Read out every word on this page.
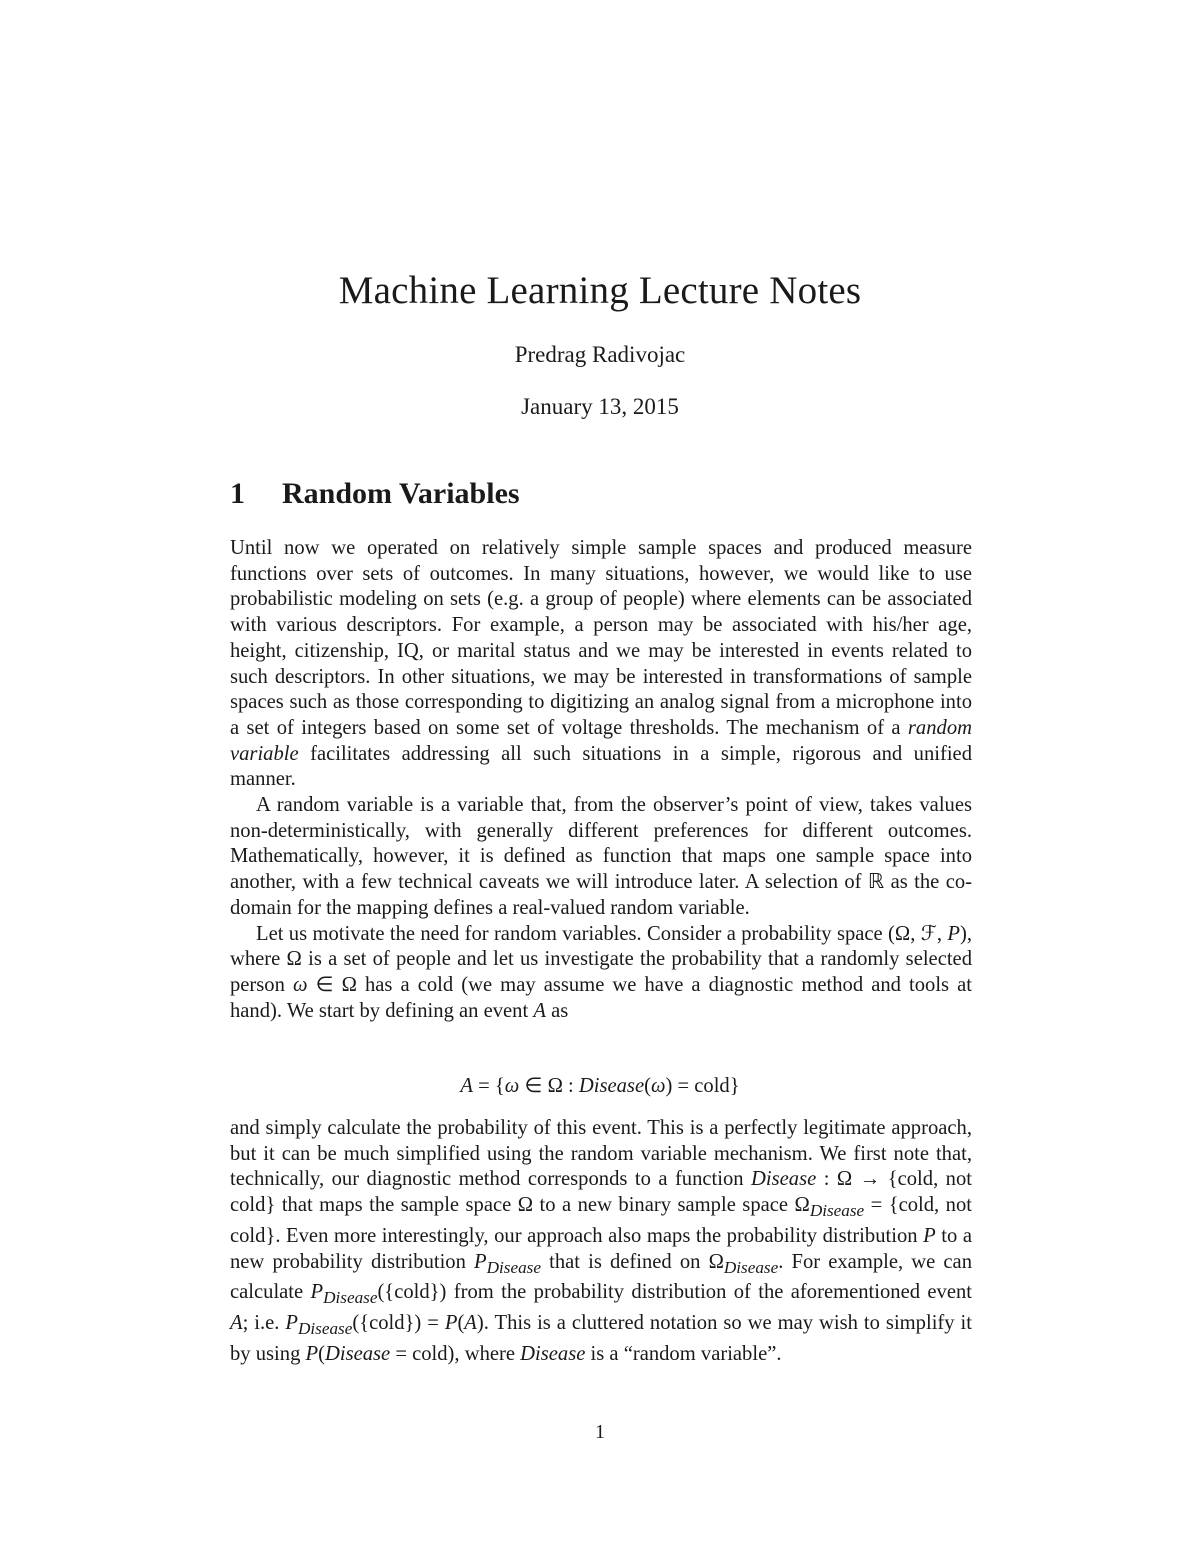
Machine Learning Lecture Notes
Predrag Radivojac
January 13, 2015
1 Random Variables

Until now we operated on relatively simple sample spaces and produced measure functions over sets of outcomes. In many situations, however, we would like to use probabilistic modeling on sets (e.g. a group of people) where elements can be associated with various descriptors. For example, a person may be associated with his/her age, height, citizenship, IQ, or marital status and we may be interested in events related to such descriptors. In other situations, we may be interested in transformations of sample spaces such as those corresponding to digitizing an analog signal from a microphone into a set of integers based on some set of voltage thresholds. The mechanism of a random variable facilitates addressing all such situations in a simple, rigorous and unified manner.

A random variable is a variable that, from the observer’s point of view, takes values non-deterministically, with generally different preferences for different outcomes. Mathematically, however, it is defined as function that maps one sample space into another, with a few technical caveats we will introduce later. A selection of ℝ as the co-domain for the mapping defines a real-valued random variable.

Let us motivate the need for random variables. Consider a probability space (Ω, ℱ, P), where Ω is a set of people and let us investigate the probability that a randomly selected person ω ∈ Ω has a cold (we may assume we have a diagnostic method and tools at hand). We start by defining an event A as

A = {ω ∈ Ω : Disease(ω) = cold}

and simply calculate the probability of this event. This is a perfectly legitimate approach, but it can be much simplified using the random variable mechanism. We first note that, technically, our diagnostic method corresponds to a function Disease : Ω → {cold, not cold} that maps the sample space Ω to a new binary sample space $\Omega_{Disease}$ = {cold, not cold}. Even more interestingly, our approach also maps the probability distribution P to a new probability distribution $P_{Disease}$ that is defined on $\Omega_{Disease}$. For example, we can calculate $P_{Disease}(\{cold\})$ from the probability distribution of the aforementioned event A; i.e. $P_{Disease}(\{cold\}) = P(A)$. This is a cluttered notation so we may wish to simplify it by using P(Disease = cold), where Disease is a “random variable”.

1
